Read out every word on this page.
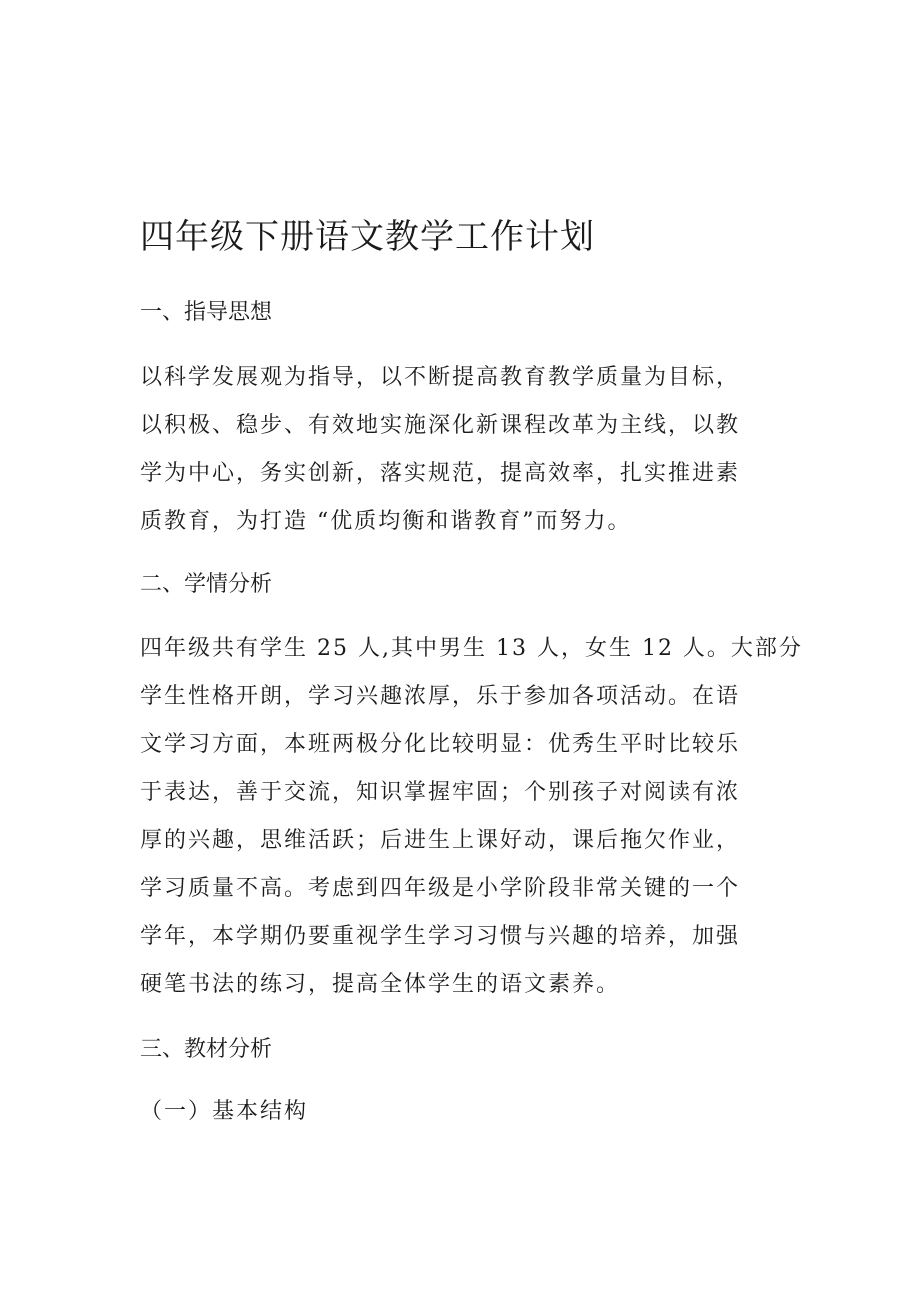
四年级下册语文教学工作计划
一、指导思想
以科学发展观为指导，以不断提高教育教学质量为目标，
以积极、稳步、有效地实施深化新课程改革为主线，以教
学为中心，务实创新，落实规范，提高效率，扎实推进素
质教育，为打造 “优质均衡和谐教育”而努力。
二、学情分析
四年级共有学生 25 人,其中男生 13 人，女生 12 人。大部分
学生性格开朗，学习兴趣浓厚，乐于参加各项活动。在语
文学习方面，本班两极分化比较明显：优秀生平时比较乐
于表达，善于交流，知识掌握牢固；个别孩子对阅读有浓
厚的兴趣，思维活跃；后进生上课好动，课后拖欠作业，
学习质量不高。考虑到四年级是小学阶段非常关键的一个
学年，本学期仍要重视学生学习习惯与兴趣的培养，加强
硬笔书法的练习，提高全体学生的语文素养。
三、教材分析
（一）基本结构
